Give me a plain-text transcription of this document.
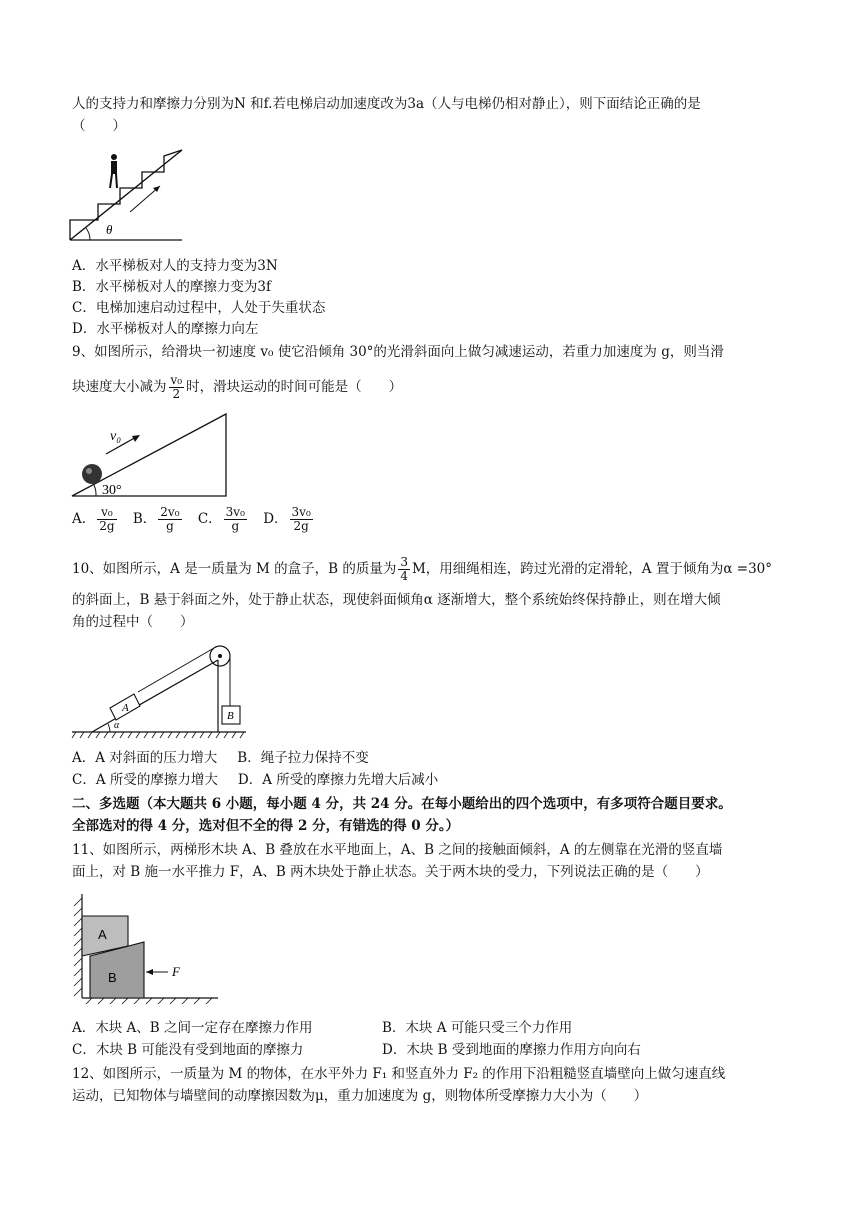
人的支持力和摩擦力分别为N 和f.若电梯启动加速度改为3a（人与电梯仍相对静止），则下面结论正确的是
（　　）
θ
A．水平梯板对人的支持力变为3N
B．水平梯板对人的摩擦力变为3f
C．电梯加速启动过程中，人处于失重状态
D．水平梯板对人的摩擦力向左
9、如图所示，给滑块一初速度 v₀ 使它沿倾角 30°的光滑斜面向上做匀减速运动，若重力加速度为 g，则当滑
块速度大小减为 $\frac{\text{v₀}}{2}$ 时，滑块运动的时间可能是（　　）
v₀
30°
A． $\frac{\text{v₀}}{2g}$ B． $\frac{\text{2v₀}}{g}$ C． $\frac{\text{3v₀}}{g}$ D． $\frac{\text{3v₀}}{2g}$
10、如图所示，A 是一质量为 M 的盒子，B 的质量为 $\frac{3}{4}$ M，用细绳相连，跨过光滑的定滑轮，A 置于倾角为α =30°
的斜面上，B 悬于斜面之外，处于静止状态，现使斜面倾角α 逐渐增大，整个系统始终保持静止，则在增大倾
角的过程中（　　）
A
B
α
A．A 对斜面的压力增大 B．绳子拉力保持不变
C．A 所受的摩擦力增大 D．A 所受的摩擦力先增大后减小
二、多选题（本大题共 6 小题，每小题 4 分，共 24 分。在每小题给出的四个选项中，有多项符合题目要求。
全部选对的得 4 分，选对但不全的得 2 分，有错选的得 0 分。）
11、如图所示，两梯形木块 A、B 叠放在水平地面上，A、B 之间的接触面倾斜，A 的左侧靠在光滑的竖直墙
面上，对 B 施一水平推力 F，A、B 两木块处于静止状态。关于两木块的受力，下列说法正确的是（　　）
A
B	F
A．木块 A、B 之间一定存在摩擦力作用	B．木块 A 可能只受三个力作用
C．木块 B 可能没有受到地面的摩擦力	D．木块 B 受到地面的摩擦力作用方向向右
12、如图所示，一质量为 M 的物体，在水平外力 F₁ 和竖直外力 F₂ 的作用下沿粗糙竖直墙壁向上做匀速直线
运动，已知物体与墙壁间的动摩擦因数为μ，重力加速度为 g，则物体所受摩擦力大小为（　　）
